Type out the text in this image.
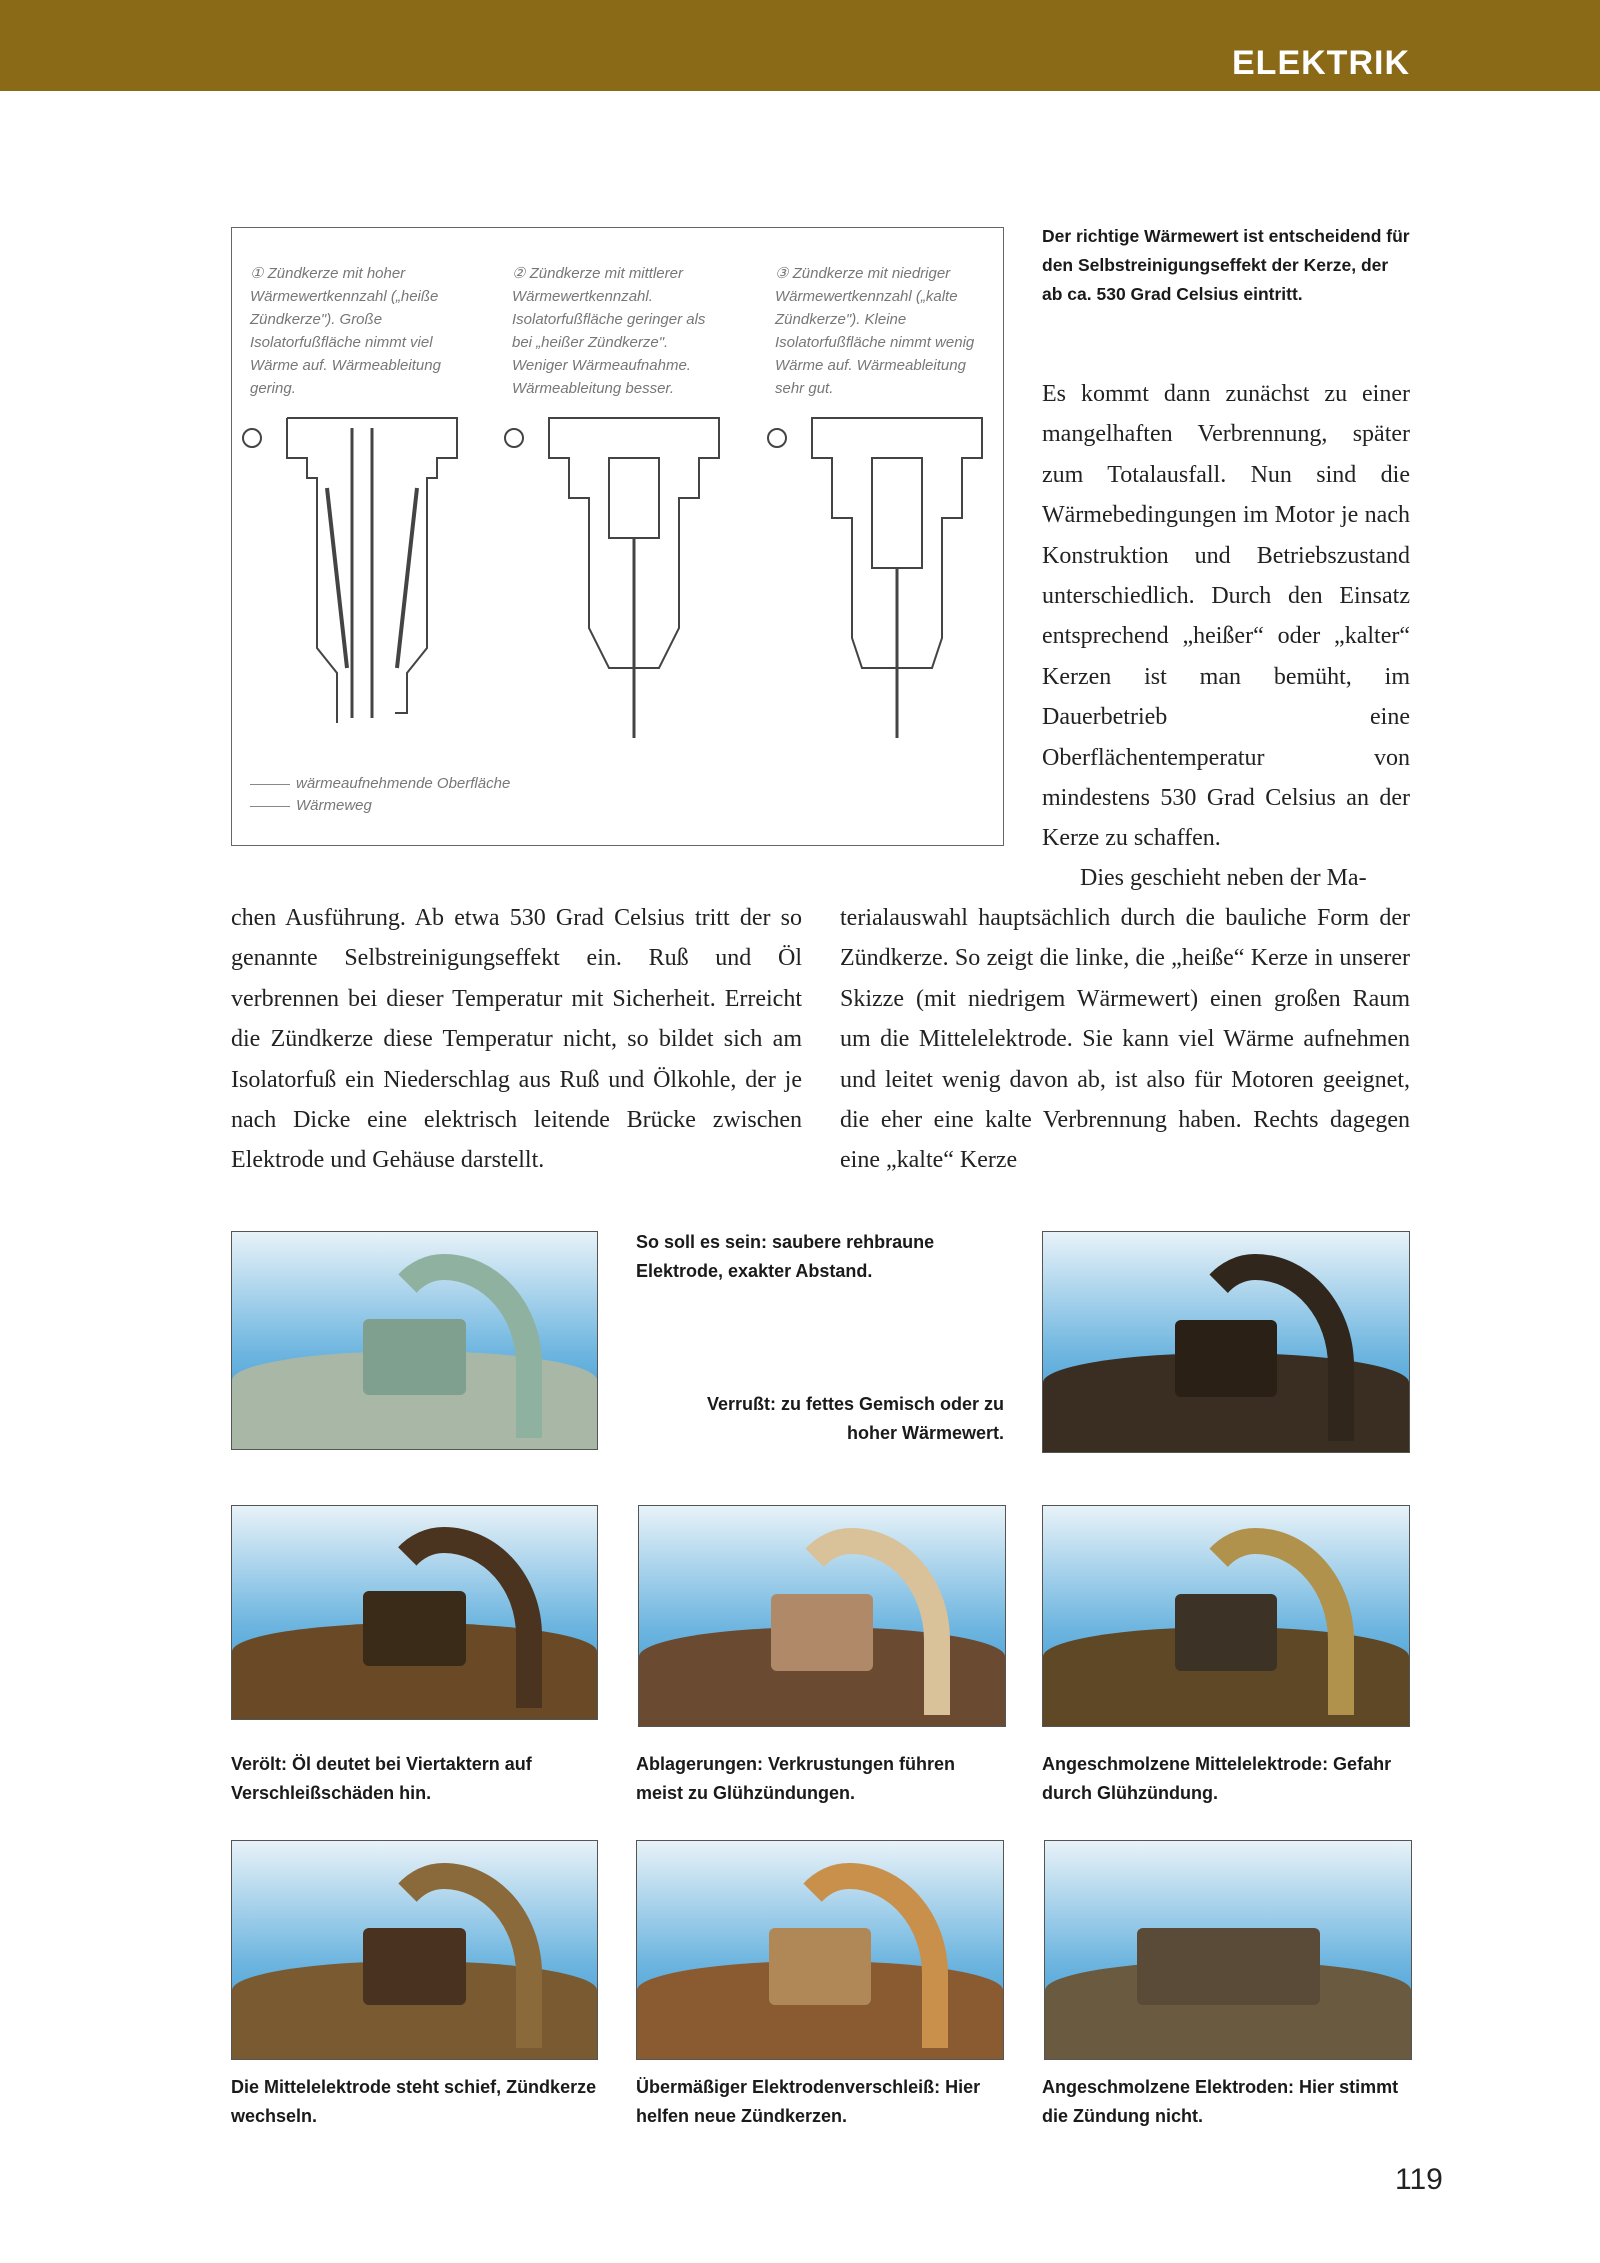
ELEKTRIK
① Zündkerze mit hoher Wärmewertkennzahl („heiße Zündkerze"). Große Isolatorfußfläche nimmt viel Wärme auf. Wärmeableitung gering.
② Zündkerze mit mittlerer Wärmewertkennzahl. Isolatorfußfläche geringer als bei „heißer Zündkerze". Weniger Wärmeaufnahme. Wärmeableitung besser.
③ Zündkerze mit niedriger Wärmewertkennzahl („kalte Zündkerze"). Kleine Isolatorfußfläche nimmt wenig Wärme auf. Wärmeableitung sehr gut.
wärmeaufnehmende Oberfläche
Wärmeweg
Der richtige Wärmewert ist entscheidend für den Selbstreinigungseffekt der Kerze, der ab ca. 530 Grad Celsius eintritt.
Es kommt dann zunächst zu einer mangelhaften Verbrennung, später zum Totalausfall. Nun sind die Wärmebedingungen im Motor je nach Konstruktion und Betriebszustand unterschiedlich. Durch den Einsatz entsprechend „heißer“ oder „kalter“ Kerzen ist man bemüht, im Dauerbetrieb eine Oberflächentemperatur von mindestens 530 Grad Celsius an der Kerze zu schaffen.
Dies geschieht neben der Ma-
chen Ausführung. Ab etwa 530 Grad Celsius tritt der so genannte Selbstreinigungseffekt ein. Ruß und Öl verbrennen bei dieser Temperatur mit Sicherheit. Erreicht die Zündkerze diese Temperatur nicht, so bildet sich am Isolatorfuß ein Niederschlag aus Ruß und Ölkohle, der je nach Dicke eine elektrisch leitende Brücke zwischen Elektrode und Gehäuse darstellt.
terialauswahl hauptsächlich durch die bauliche Form der Zündkerze. So zeigt die linke, die „heiße“ Kerze in unserer Skizze (mit niedrigem Wärmewert) einen großen Raum um die Mittelelektrode. Sie kann viel Wärme aufnehmen und leitet wenig davon ab, ist also für Motoren geeignet, die eher eine kalte Verbrennung haben. Rechts dagegen eine „kalte“ Kerze
So soll es sein: saubere rehbraune Elektrode, exakter Abstand.
Verrußt: zu fettes Gemisch oder zu hoher Wärmewert.
Verölt: Öl deutet bei Viertaktern auf Verschleißschäden hin.
Ablagerungen: Verkrustungen führen meist zu Glühzündungen.
Angeschmolzene Mittelelektrode: Gefahr durch Glühzündung.
Die Mittelelektrode steht schief, Zündkerze wechseln.
Übermäßiger Elektrodenverschleiß: Hier helfen neue Zündkerzen.
Angeschmolzene Elektroden: Hier stimmt die Zündung nicht.
119
